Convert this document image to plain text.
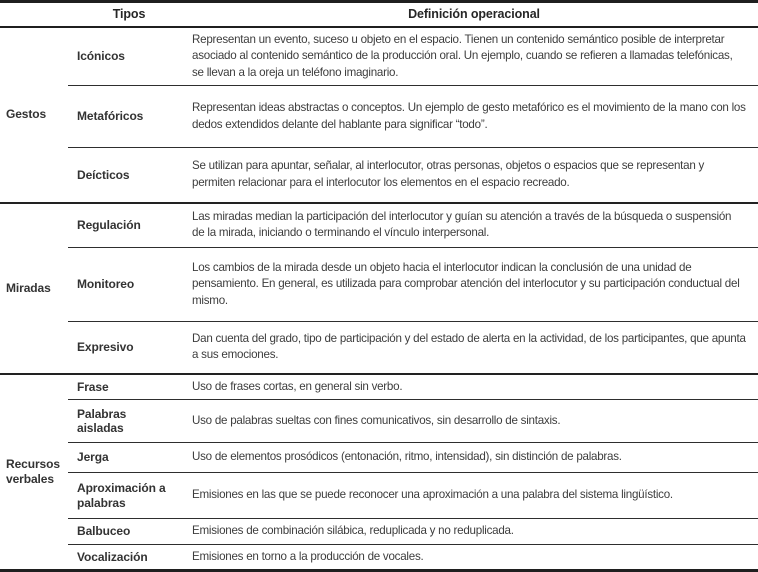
	Tipos	Definición operacional
Gestos	Icónicos	Representan un evento, suceso u objeto en el espacio. Tienen un contenido semántico posible de interpretar asociado al contenido semántico de la producción oral. Un ejemplo, cuando se refieren a llamadas telefónicas, se llevan a la oreja un teléfono imaginario.
	Metafóricos	Representan ideas abstractas o conceptos. Un ejemplo de gesto metafórico es el movimiento de la mano con los dedos extendidos delante del hablante para significar “todo”.
	Deícticos	Se utilizan para apuntar, señalar, al interlocutor, otras personas, objetos o espacios que se representan y permiten relacionar para el interlocutor los elementos en el espacio recreado.
Miradas	Regulación	Las miradas median la participación del interlocutor y guían su atención a través de la búsqueda o suspensión de la mirada, iniciando o terminando el vínculo interpersonal.
	Monitoreo	Los cambios de la mirada desde un objeto hacia el interlocutor indican la conclusión de una unidad de pensamiento. En general, es utilizada para comprobar atención del interlocutor y su participación conductual del mismo.
	Expresivo	Dan cuenta del grado, tipo de participación y del estado de alerta en la actividad, de los participantes, que apunta a sus emociones.
Recursos verbales	Frase	Uso de frases cortas, en general sin verbo.
	Palabras aisladas	Uso de palabras sueltas con fines comunicativos, sin desarrollo de sintaxis.
	Jerga	Uso de elementos prosódicos (entonación, ritmo, intensidad), sin distinción de palabras.
	Aproximación a palabras	Emisiones en las que se puede reconocer una aproximación a una palabra del sistema lingüístico.
	Balbuceo	Emisiones de combinación silábica, reduplicada y no reduplicada.
	Vocalización	Emisiones en torno a la producción de vocales.
